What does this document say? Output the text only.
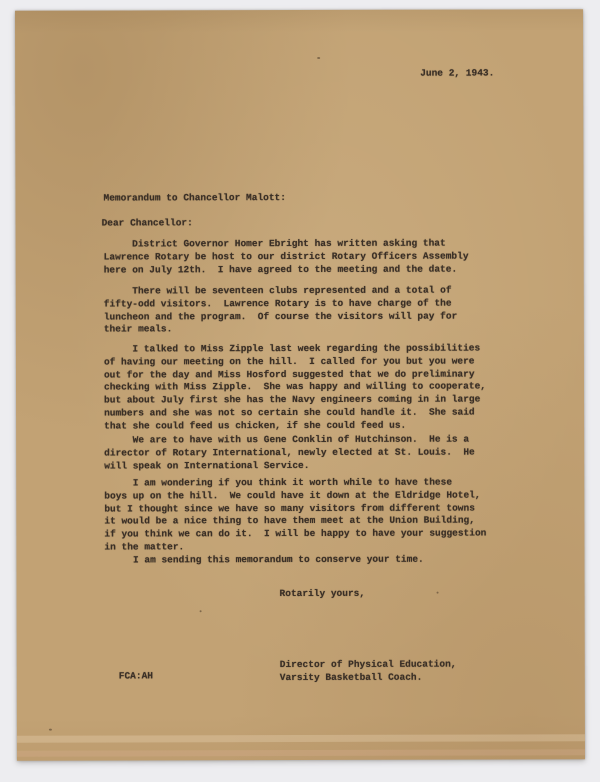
June 2, 1943.
Memorandum to Chancellor Malott:
Dear Chancellor:
District Governor Homer Ebright has written asking that
Lawrence Rotary be host to our district Rotary Officers Assembly
here on July 12th.  I have agreed to the meeting and the date.
There will be seventeen clubs represented and a total of
fifty-odd visitors.  Lawrence Rotary is to have charge of the
luncheon and the program.  Of course the visitors will pay for
their meals.
I talked to Miss Zipple last week regarding the possibilities
of having our meeting on the hill.  I called for you but you were
out for the day and Miss Hosford suggested that we do preliminary
checking with Miss Zipple.  She was happy and willing to cooperate,
but about July first she has the Navy engineers coming in in large
numbers and she was not so certain she could handle it.  She said
that she could feed us chicken, if she could feed us.
We are to have with us Gene Conklin of Hutchinson.  He is a
director of Rotary International, newly elected at St. Louis.  He
will speak on International Service.
I am wondering if you think it worth while to have these
boys up on the hill.  We could have it down at the Eldridge Hotel,
but I thought since we have so many visitors from different towns
it would be a nice thing to have them meet at the Union Building,
if you think we can do it.  I will be happy to have your suggestion
in the matter.
I am sending this memorandum to conserve your time.
Rotarily yours,
Director of Physical Education,
Varsity Basketball Coach.
FCA:AH
